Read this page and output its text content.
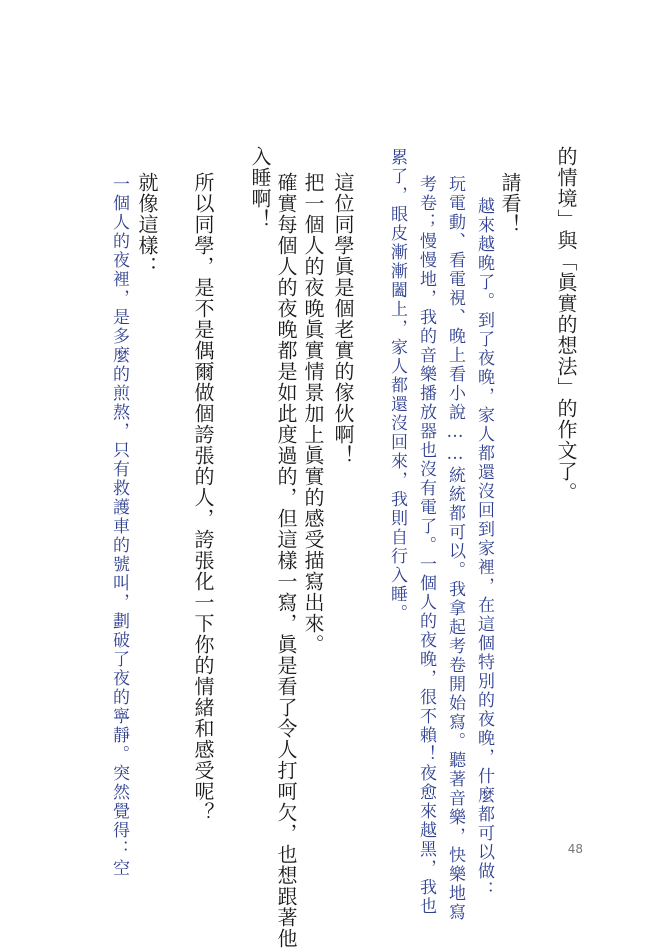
的情境」與「眞實的想法」的作文了。
請看！
越來越晚了。到了夜晚，家人都還沒回到家裡，在這個特別的夜晚，什麼都可以做：
玩電動、看電視、晚上看小說……統統都可以。我拿起考卷開始寫。聽著音樂，快樂地寫
考卷；慢慢地，我的音樂播放器也沒有電了。一個人的夜晚，很不賴！夜愈來越黑，我也
累了，眼皮漸漸闔上，家人都還沒回來，我則自行入睡。
這位同學眞是個老實的傢伙啊！
把一個人的夜晚眞實情景加上眞實的感受描寫出來。
確實每個人的夜晚都是如此度過的，但這樣一寫，眞是看了令人打呵欠，也想跟著他
入睡啊！
所以同學，是不是偶爾做個誇張的人，誇張化一下你的情緒和感受呢？
就像這樣：
一個人的夜裡，是多麼的煎熬，只有救護車的號叫，劃破了夜的寧靜。突然覺得：空	48
